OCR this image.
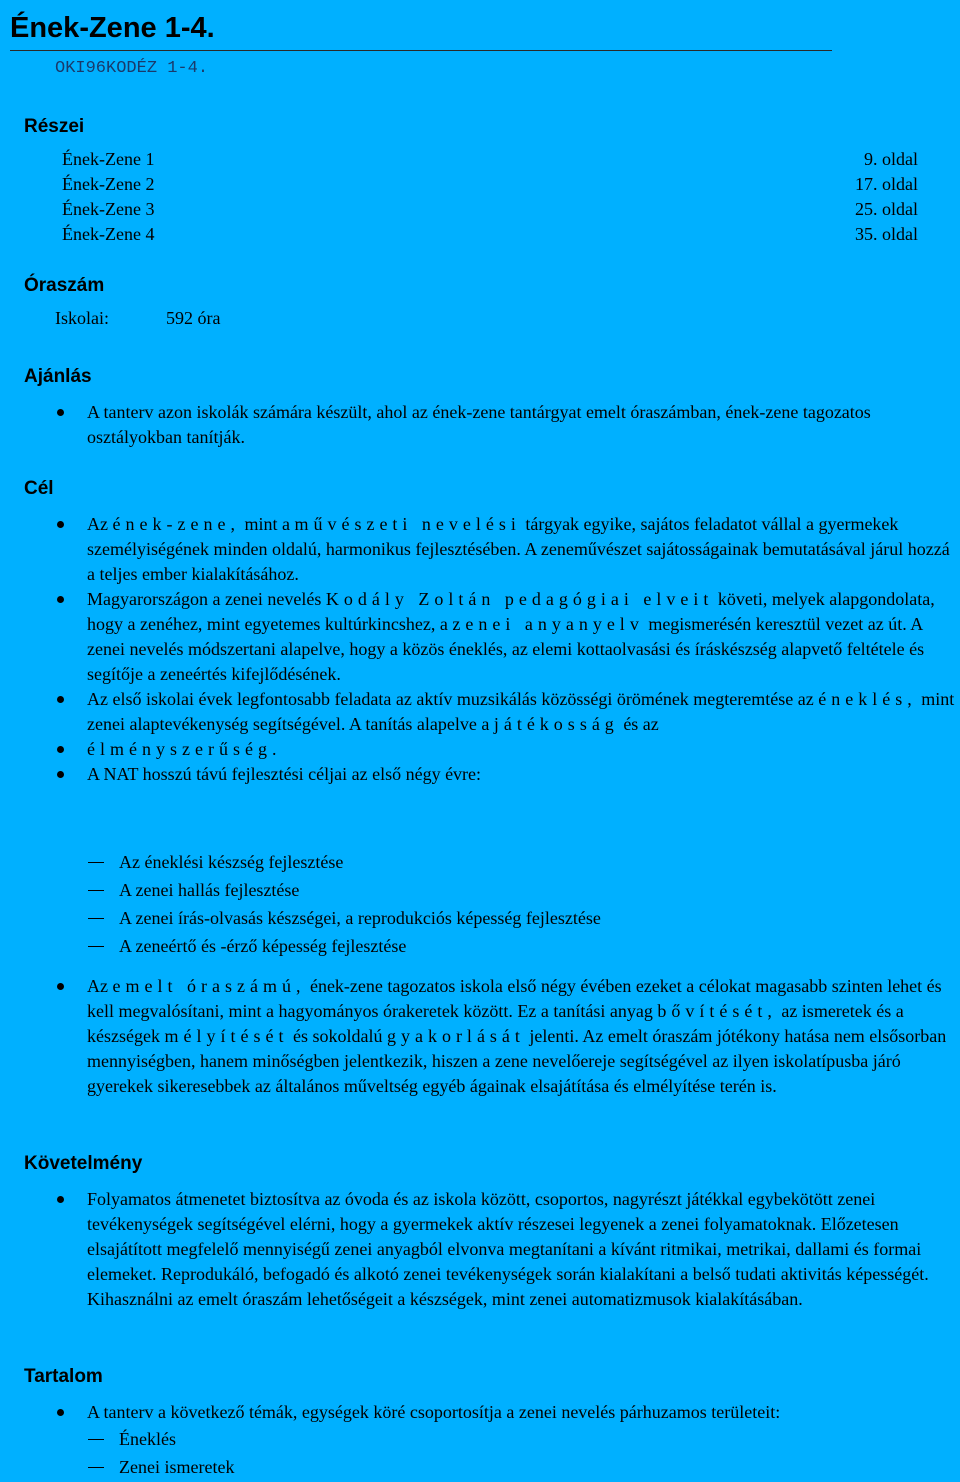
Ének-Zene 1-4.
OKI96KODÉZ 1-4.
Részei
Ének-Zene 1	9. oldal
Ének-Zene 2	17. oldal
Ének-Zene 3	25. oldal
Ének-Zene 4	35. oldal
Óraszám
Iskolai:	592 óra
Ajánlás
A tanterv azon iskolák számára készült, ahol az ének-zene tantárgyat emelt óraszámban, ének-zene tagozatos osztályokban tanítják.
Cél
Az ének-zene, mint a művészeti nevelési tárgyak egyike, sajátos feladatot vállal a gyermekek személyiségének minden oldalú, harmonikus fejlesztésében. A zeneművészet sajátosságainak bemutatásával járul hozzá a teljes ember kialakításához.
Magyarországon a zenei nevelés Kodály Zoltán pedagógiai elveit követi, melyek alapgondolata, hogy a zenéhez, mint egyetemes kultúrkincshez, a zenei anyanyelv megismerésén keresztül vezet az út. A zenei nevelés módszertani alapelve, hogy a közös éneklés, az elemi kottaolvasási és íráskészség alapvető feltétele és segítője a zeneértés kifejlődésének.
Az első iskolai évek legfontosabb feladata az aktív muzsikálás közösségi örömének megteremtése az éneklés, mint zenei alaptevékenység segítségével. A tanítás alapelve a játékosság és az
élményszerűség.
A NAT hosszú távú fejlesztési céljai az első négy évre:
Az éneklési készség fejlesztése
A zenei hallás fejlesztése
A zenei írás-olvasás készségei, a reprodukciós képesség fejlesztése
A zeneértő és -érző képesség fejlesztése
Az emelt óraszámú, ének-zene tagozatos iskola első négy évében ezeket a célokat magasabb szinten lehet és kell megvalósítani, mint a hagyományos órakeretek között. Ez a tanítási anyag bővítését, az ismeretek és a készségek mélyítését és sokoldalú gyakorlását jelenti. Az emelt óraszám jótékony hatása nem elsősorban mennyiségben, hanem minőségben jelentkezik, hiszen a zene nevelőereje segítségével az ilyen iskolatípusba járó gyerekek sikeresebbek az általános műveltség egyéb ágainak elsajátítása és elmélyítése terén is.
Követelmény
Folyamatos átmenetet biztosítva az óvoda és az iskola között, csoportos, nagyrészt játékkal egybekötött zenei tevékenységek segítségével elérni, hogy a gyermekek aktív részesei legyenek a zenei folyamatoknak. Előzetesen elsajátított megfelelő mennyiségű zenei anyagból elvonva megtanítani a kívánt ritmikai, metrikai, dallami és formai elemeket. Reprodukáló, befogadó és alkotó zenei tevékenységek során kialakítani a belső tudati aktivitás képességét. Kihasználni az emelt óraszám lehetőségeit a készségek, mint zenei automatizmusok kialakításában.
Tartalom
A tanterv a következő témák, egységek köré csoportosítja a zenei nevelés párhuzamos területeit:
Éneklés
Zenei ismeretek
